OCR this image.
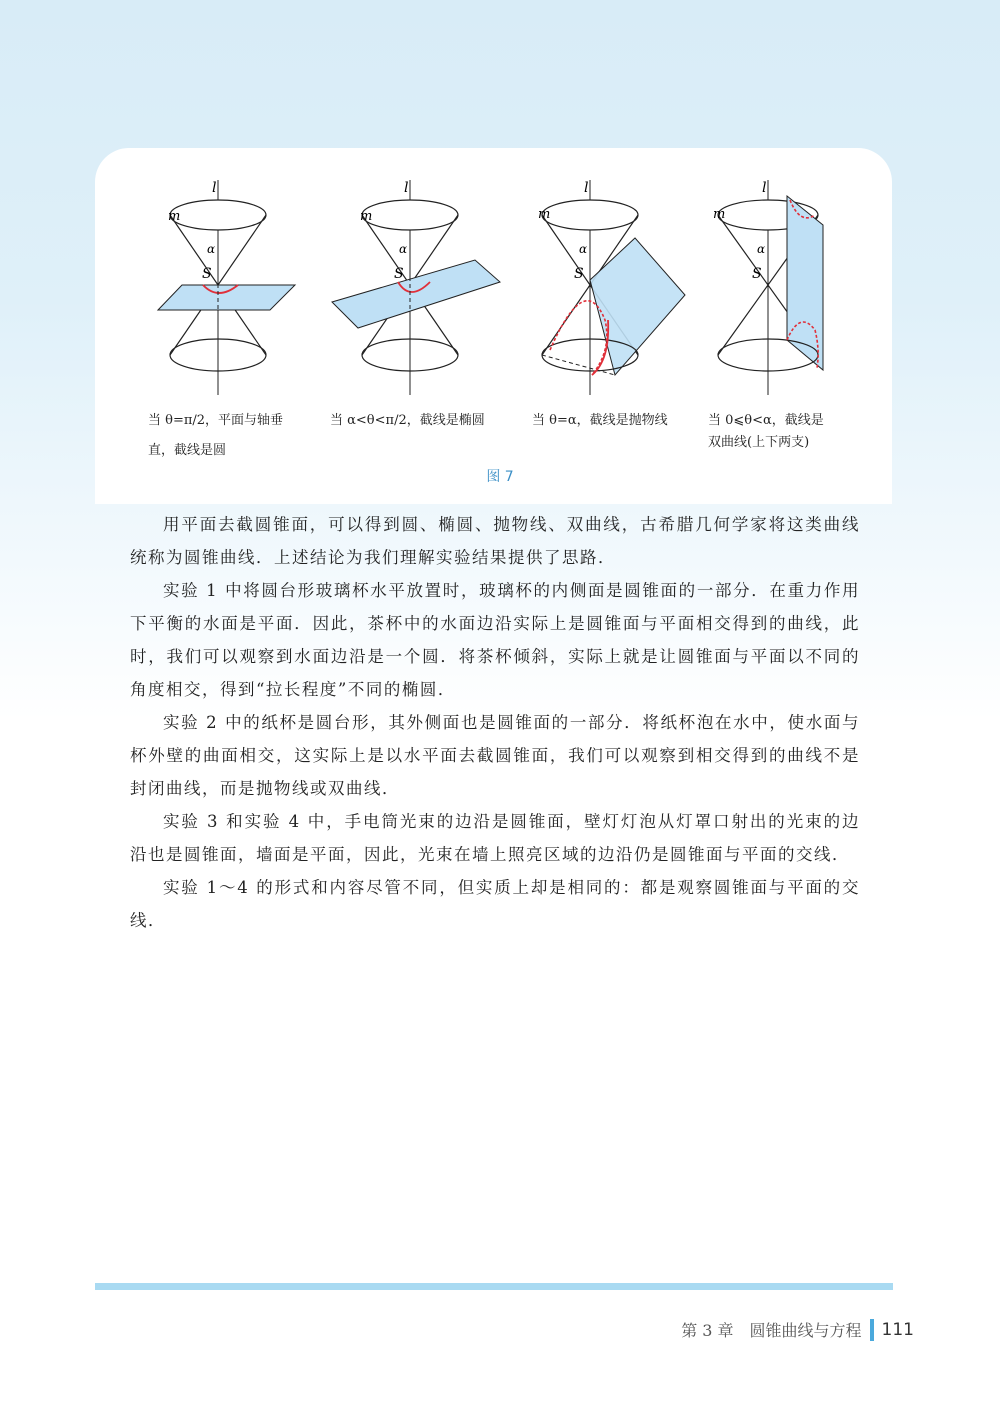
l
m
α
S
l
m
α
S
l
m
α
S
l
m
α
S
当 θ=π/2，平面与轴垂
直，截线是圆
当 α<θ<π/2，截线是椭圆	当 θ=α，截线是抛物线	当 0⩽θ<α，截线是
双曲线(上下两支)
图 7

用平面去截圆锥面，可以得到圆、椭圆、抛物线、双曲线，古希腊几何学家将这类曲线统称为圆锥曲线．上述结论为我们理解实验结果提供了思路．

实验 1 中将圆台形玻璃杯水平放置时，玻璃杯的内侧面是圆锥面的一部分．在重力作用下平衡的水面是平面．因此，茶杯中的水面边沿实际上是圆锥面与平面相交得到的曲线，此时，我们可以观察到水面边沿是一个圆．将茶杯倾斜，实际上就是让圆锥面与平面以不同的角度相交，得到“拉长程度”不同的椭圆．

实验 2 中的纸杯是圆台形，其外侧面也是圆锥面的一部分．将纸杯泡在水中，使水面与杯外壁的曲面相交，这实际上是以水平面去截圆锥面，我们可以观察到相交得到的曲线不是封闭曲线，而是抛物线或双曲线．

实验 3 和实验 4 中，手电筒光束的边沿是圆锥面，壁灯灯泡从灯罩口射出的光束的边沿也是圆锥面，墙面是平面，因此，光束在墙上照亮区域的边沿仍是圆锥面与平面的交线．

实验 1～4 的形式和内容尽管不同，但实质上却是相同的：都是观察圆锥面与平面的交线．

第 3 章　圆锥曲线与方程 111
